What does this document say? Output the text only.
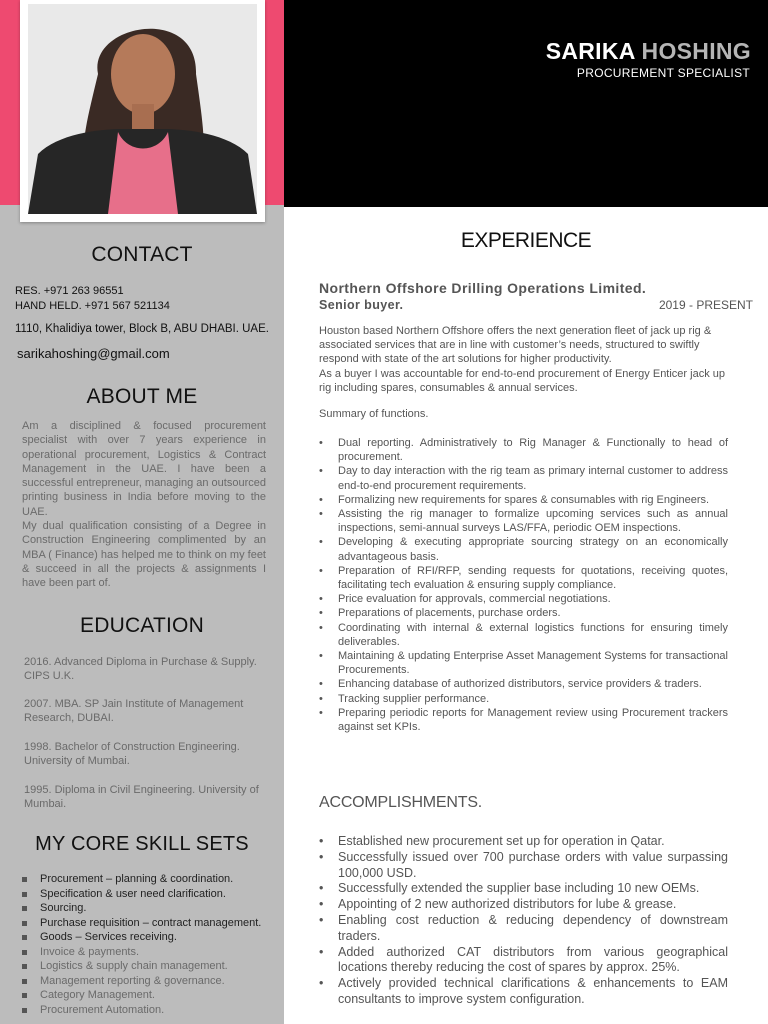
CONTACT
RES. +971 263 96551
HAND HELD. +971 567 521134
1110, Khalidiya tower, Block B, ABU DHABI. UAE.
sarikahoshing@gmail.com
ABOUT ME

Am a disciplined & focused procurement specialist with over 7 years experience in operational procurement, Logistics & Contract Management in the UAE. I have been a successful entrepreneur, managing an outsourced printing business in India before moving to the UAE.

My dual qualification consisting of a Degree in Construction Engineering complimented by an MBA ( Finance) has helped me to think on my feet & succeed in all the projects & assignments I have been part of.

EDUCATION
2016. Advanced Diploma in Purchase & Supply. CIPS U.K.
2007. MBA. SP Jain Institute of Management Research, DUBAI.
1998. Bachelor of Construction Engineering. University of Mumbai.
1995. Diploma in Civil Engineering. University of Mumbai.
MY CORE SKILL SETS
Procurement – planning & coordination.
Specification & user need clarification.
Sourcing.
Purchase requisition – contract management.
Goods – Services receiving.
Invoice & payments.
Logistics & supply chain management.
Management reporting & governance.
Category Management.
Procurement Automation.
SARIKA HOSHING
PROCUREMENT SPECIALIST
EXPERIENCE
Northern Offshore Drilling Operations Limited.
Senior buyer.	2019 - PRESENT

Houston based Northern Offshore offers the next generation fleet of jack up rig & associated services that are in line with customer’s needs, structured to swiftly respond with state of the art solutions for higher productivity.

As a buyer I was accountable for end-to-end procurement of Energy Enticer jack up rig including spares, consumables & annual services.

Summary of functions.
• Dual reporting. Administratively to Rig Manager & Functionally to head of procurement.
• Day to day interaction with the rig team as primary internal customer to address end-to-end procurement requirements.
• Formalizing new requirements for spares & consumables with rig Engineers.
• Assisting the rig manager to formalize upcoming services such as annual inspections, semi-annual surveys LAS/FFA, periodic OEM inspections.
• Developing & executing appropriate sourcing strategy on an economically advantageous basis.
• Preparation of RFI/RFP, sending requests for quotations, receiving quotes, facilitating tech evaluation & ensuring supply compliance.
• Price evaluation for approvals, commercial negotiations.
• Preparations of placements, purchase orders.
• Coordinating with internal & external logistics functions for ensuring timely deliverables.
• Maintaining & updating Enterprise Asset Management Systems for transactional Procurements.
• Enhancing database of authorized distributors, service providers & traders.
• Tracking supplier performance.
• Preparing periodic reports for Management review using Procurement trackers against set KPIs.
ACCOMPLISHMENTS.
• Established new procurement set up for operation in Qatar.
• Successfully issued over 700 purchase orders with value surpassing 100,000 USD.
• Successfully extended the supplier base including 10 new OEMs.
• Appointing of 2 new authorized distributors for lube & grease.
• Enabling cost reduction & reducing dependency of downstream traders.
• Added authorized CAT distributors from various geographical locations thereby reducing the cost of spares by approx. 25%.
• Actively provided technical clarifications & enhancements to EAM consultants to improve system configuration.
